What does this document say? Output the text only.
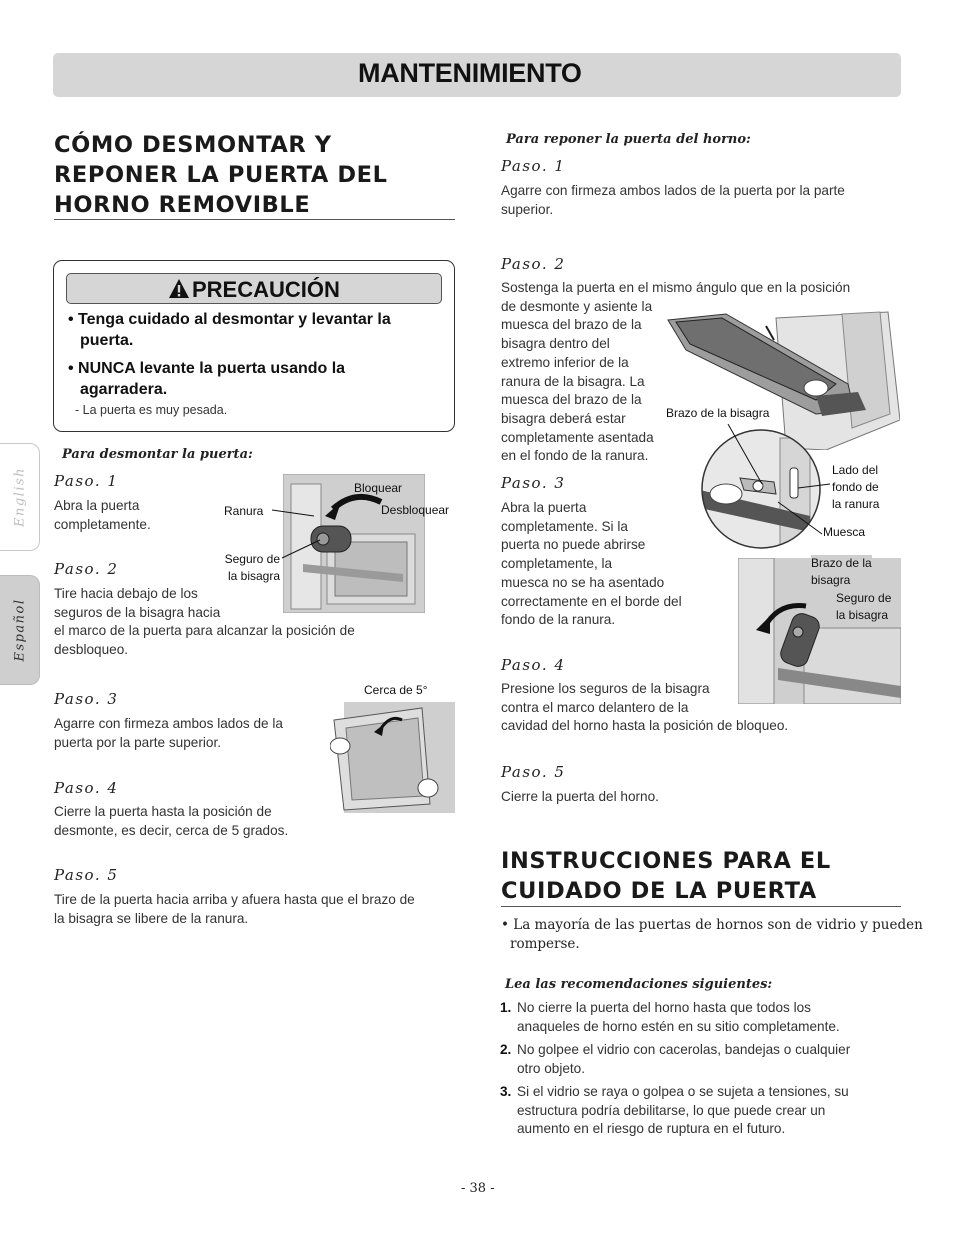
MANTENIMIENTO
English
Español
CÓMO DESMONTAR Y
REPONER LA PUERTA DEL
HORNO REMOVIBLE
PRECAUCIÓN
• Tenga cuidado al desmontar y levantar la
puerta.
• NUNCA levante la puerta usando la
agarradera.
- La puerta es muy pesada.
Para desmontar la puerta:
Paso. 1
Abra la puerta
completamente.
Paso. 2
Tire hacia debajo de los
seguros de la bisagra hacia
el marco de la puerta para alcanzar la posición de
desbloqueo.
Paso. 3
Agarre con firmeza ambos lados de la
puerta por la parte superior.
Paso. 4
Cierre la puerta hasta la posición de
desmonte, es decir, cerca de 5 grados.
Paso. 5
Tire de la puerta hacia arriba y afuera hasta que el brazo de
la bisagra se libere de la ranura.
Bloquear
Ranura	Desbloquear
Seguro de
la bisagra
Cerca de 5°
Para reponer la puerta del horno:
Paso. 1
Agarre con firmeza ambos lados de la puerta por la parte
superior.
Paso. 2
Sostenga la puerta en el mismo ángulo que en la posición
de desmonte y asiente la
muesca del brazo de la
bisagra dentro del
extremo inferior de la
ranura de la bisagra. La
muesca del brazo de la
bisagra deberá estar
completamente asentada
en el fondo de la ranura.
Paso. 3
Abra la puerta
completamente. Si la
puerta no puede abrirse
completamente, la
muesca no se ha asentado
correctamente en el borde del
fondo de la ranura.
Paso. 4
Presione los seguros de la bisagra
contra el marco delantero de la
cavidad del horno hasta la posición de bloqueo.
Paso. 5
Cierre la puerta del horno.
Brazo de la bisagra
Lado del
fondo de
la ranura
Muesca
Brazo de la
bisagra
Seguro de
la bisagra
INSTRUCCIONES PARA EL
CUIDADO DE LA PUERTA
• La mayoría de las puertas de hornos son de vidrio y pueden
romperse.
Lea las recomendaciones siguientes:
1. No cierre la puerta del horno hasta que todos los
anaqueles de horno estén en su sitio completamente.
2. No golpee el vidrio con cacerolas, bandejas o cualquier
otro objeto.
3. Si el vidrio se raya o golpea o se sujeta a tensiones, su
estructura podría debilitarse, lo que puede crear un
aumento en el riesgo de ruptura en el futuro.
- 38 -
